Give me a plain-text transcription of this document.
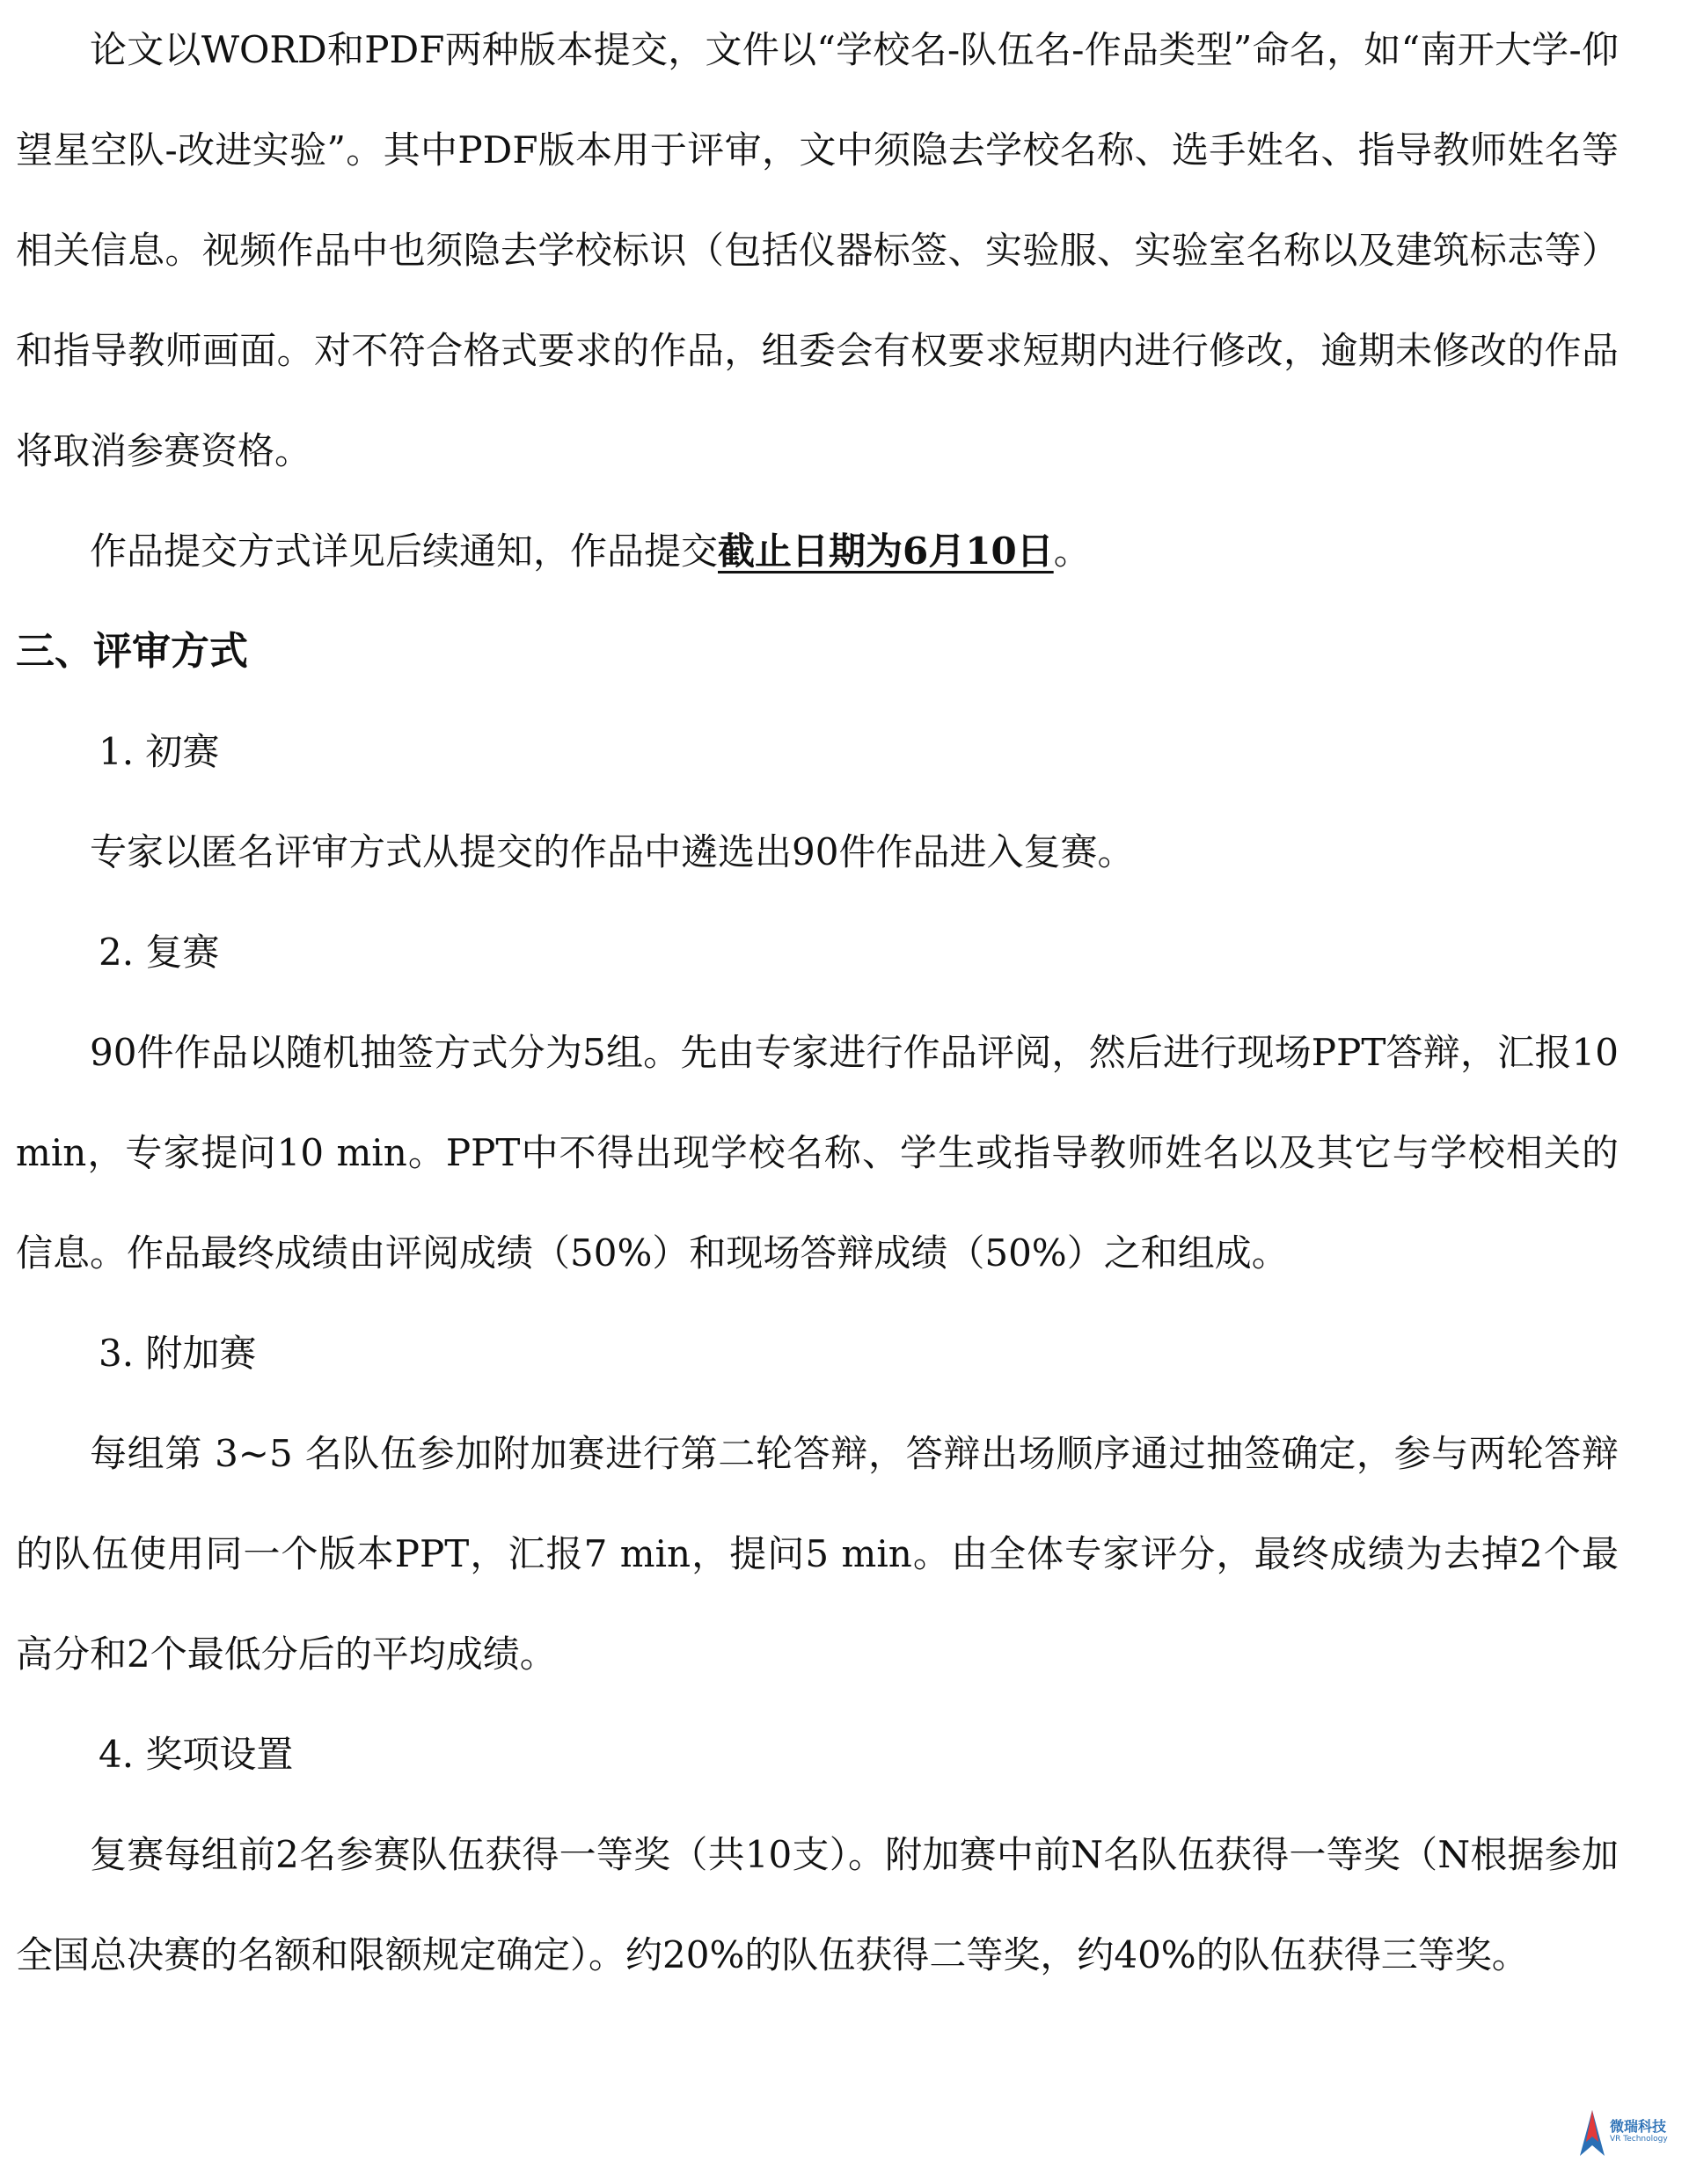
论文以WORD和PDF两种版本提交，文件以“学校名-队伍名-作品类型”命名，如“南开大学-仰望星空队-改进实验”。其中PDF版本用于评审，文中须隐去学校名称、选手姓名、指导教师姓名等相关信息。视频作品中也须隐去学校标识（包括仪器标签、实验服、实验室名称以及建筑标志等）和指导教师画面。对不符合格式要求的作品，组委会有权要求短期内进行修改，逾期未修改的作品将取消参赛资格。

作品提交方式详见后续通知，作品提交截止日期为6月10日。

三、评审方式

1. 初赛

专家以匿名评审方式从提交的作品中遴选出90件作品进入复赛。

2. 复赛

90件作品以随机抽签方式分为5组。先由专家进行作品评阅，然后进行现场PPT答辩，汇报10 min，专家提问10 min。PPT中不得出现学校名称、学生或指导教师姓名以及其它与学校相关的信息。作品最终成绩由评阅成绩（50%）和现场答辩成绩（50%）之和组成。

3. 附加赛

每组第 3~5 名队伍参加附加赛进行第二轮答辩，答辩出场顺序通过抽签确定，参与两轮答辩的队伍使用同一个版本PPT，汇报7 min，提问5 min。由全体专家评分，最终成绩为去掉2个最高分和2个最低分后的平均成绩。

4. 奖项设置

复赛每组前2名参赛队伍获得一等奖（共10支）。附加赛中前N名队伍获得一等奖（N根据参加全国总决赛的名额和限额规定确定）。约20%的队伍获得二等奖，约40%的队伍获得三等奖。

微瑞科技
VR Technology
